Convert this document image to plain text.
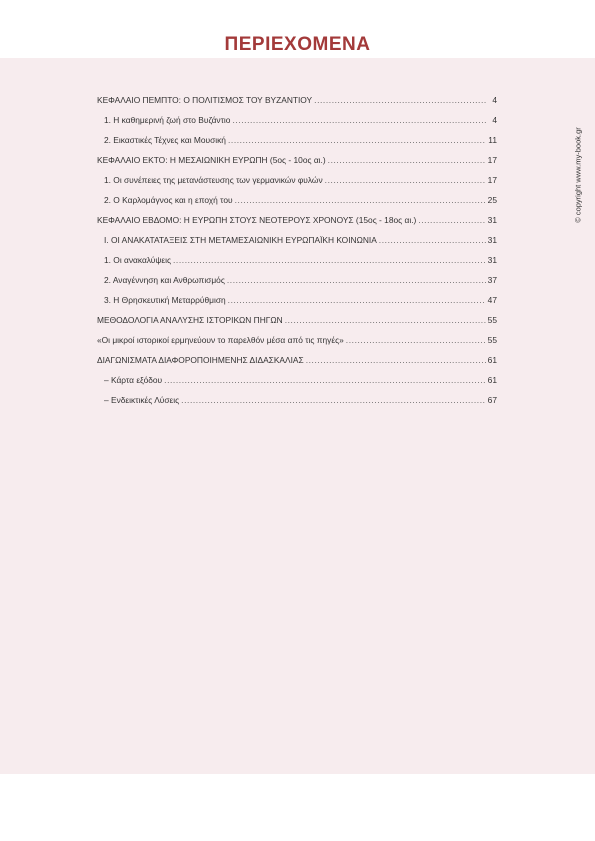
ΠΕΡΙΕΧΟΜΕΝΑ
ΚΕΦΑΛΑΙΟ ΠΕΜΠΤΟ: Ο ΠΟΛΙΤΙΣΜΟΣ ΤΟΥ ΒΥΖΑΝΤΙΟΥ .....	4
1. Η καθημερινή ζωή στο Βυζάντιο .....	4
2. Εικαστικές Τέχνες και Μουσική .....	11
ΚΕΦΑΛΑΙΟ ΕΚΤΟ: Η ΜΕΣΑΙΩΝΙΚΗ ΕΥΡΩΠΗ (5ος - 10ος αι.) .....	17
1. Οι συνέπειες της μετανάστευσης των γερμανικών φυλών .....	17
2. Ο Καρλομάγνος και η εποχή του .....	25
ΚΕΦΑΛΑΙΟ ΕΒΔΟΜΟ: Η ΕΥΡΩΠΗ ΣΤΟΥΣ ΝΕΟΤΕΡΟΥΣ ΧΡΟΝΟΥΣ (15ος - 18ος αι.) .....	31
I. ΟΙ ΑΝΑΚΑΤΑΤΑΞΕΙΣ ΣΤΗ ΜΕΤΑΜΕΣΑΙΩΝΙΚΗ ΕΥΡΩΠΑΪΚΗ ΚΟΙΝΩΝΙΑ .....	31
1. Οι ανακαλύψεις .....	31
2. Αναγέννηση και Ανθρωπισμός .....	37
3. Η Θρησκευτική Μεταρρύθμιση .....	47
ΜΕΘΟΔΟΛΟΓΙΑ ΑΝΑΛΥΣΗΣ ΙΣΤΟΡΙΚΩΝ ΠΗΓΩΝ .....	55
«Οι μικροί ιστορικοί ερμηνεύουν το παρελθόν μέσα από τις πηγές» .....	55
ΔΙΑΓΩΝΙΣΜΑΤΑ ΔΙΑΦΟΡΟΠΟΙΗΜΕΝΗΣ ΔΙΔΑΣΚΑΛΙΑΣ .....	61
– Κάρτα εξόδου .....	61
– Ενδεικτικές Λύσεις .....	67
© copyright www.my-book.gr
